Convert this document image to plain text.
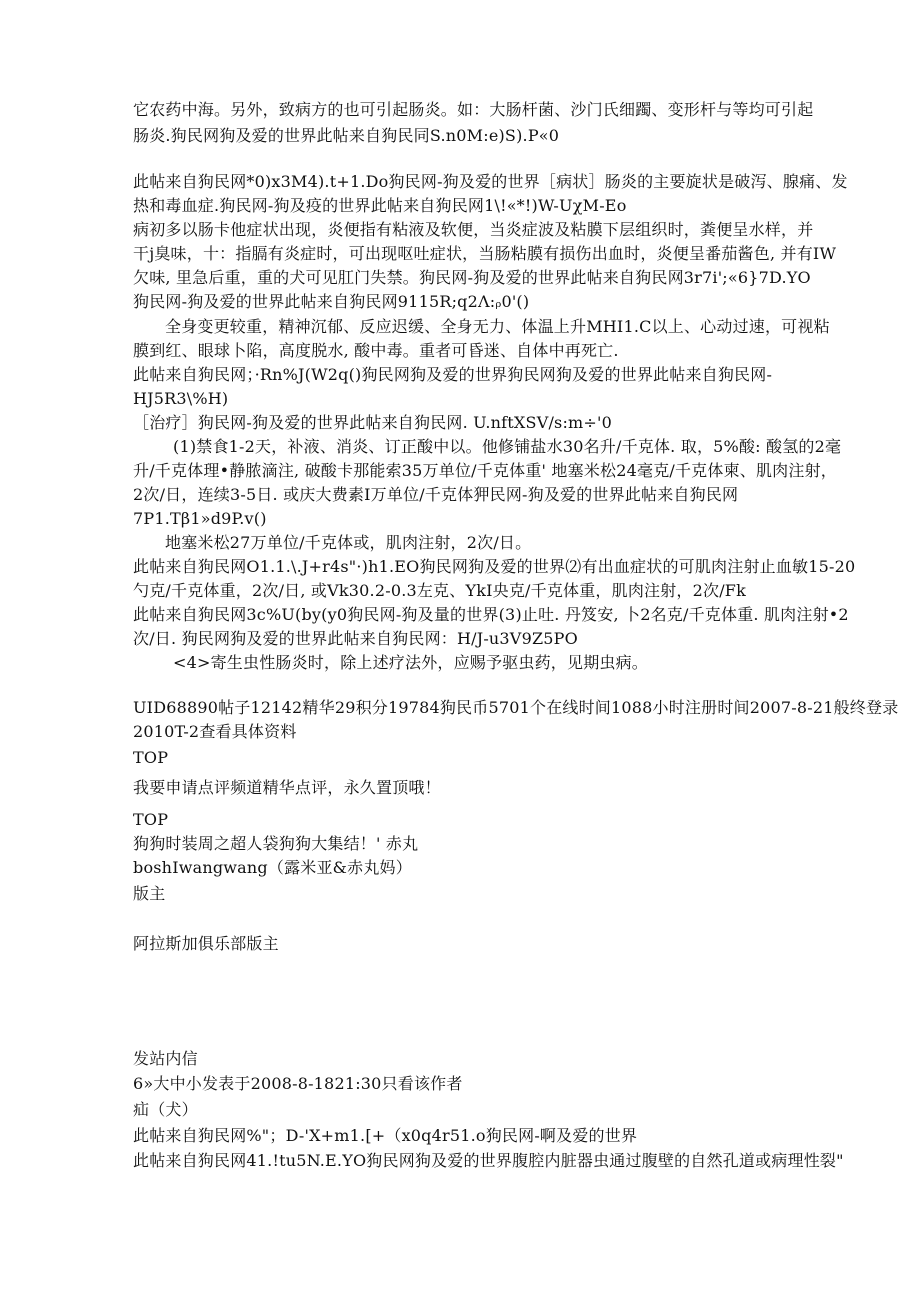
它农药中海。另外，致病方的也可引起肠炎。如：大肠杆菌、沙门氏细躅、变形杆与等均可引起
肠炎.狗民网狗及爱的世界此帖来自狗民同S.n0M:e)S).P«0
此帖来自狗民网*0)x3M4).t+1.Do狗民网-狗及爱的世界［病状］肠炎的主要旋状是破泻、腺痛、发
热和毒血症.狗民网-狗及疫的世界此帖来自狗民网1\!«*!)W-UχM-Eo
病初多以肠卡他症状出现，炎便指有粘液及软便，当炎症波及粘膜下层组织时，粪便呈水样，并
干j臭味，十：指膈有炎症时，可出现呕吐症状，当肠粘膜有损伤出血时，炎便呈番茄酱色, 并有IW
欠味, 里急后重，重的犬可见肛门失禁。狗民网-狗及爱的世界此帖来自狗民网3r7i';«6}7D.YO
狗民网-狗及爱的世界此帖来自狗民网9115R;q2Λ:ᵨ0'()
全身变更较重，精神沉郁、反应迟缓、全身无力、体温上升MHI1.C以上、心动过速，可视粘
膜到红、眼球卜陷，高度脱水, 酸中毒。重者可昏迷、自体中再死亡.
此帖来自狗民网；·Rn%J(W2q()狗民网狗及爱的世界狗民网狗及爱的世界此帖来自狗民网-
HJ5R3\%H)
［治疗］狗民网-狗及爱的世界此帖来自狗民网. U.nftXSV/s:m÷'0
(1)禁食1-2天，补液、消炎、订正酸中以。他修铺盐水30名升/千克体. 取，5%酸: 酸氢的2毫
升/千克体理•静脓滴注, 破酸卡那能索35万单位/千克体重' 地塞米松24毫克/千克体柬、肌肉注射，
2次/日，连续3-5日. 或庆大费素I万单位/千克体狎民网-狗及爱的世界此帖来自狗民网
7P1.Tβ1»d9P.v()
地塞米松27万单位/千克体或，肌肉注射，2次/日。
此帖来自狗民网O1.1.\.J+r4s"·)h1.EO狗民网狗及爱的世界⑵有出血症状的可肌肉注射止血敏15-20
勺克/千克体重，2次/日, 或Vk30.2-0.3左克、YkI央克/千克体重，肌肉注射，2次/Fk
此帖来自狗民网3c%U(by(y0狗民网-狗及量的世界(3)止吐. 丹笈安, 卜2名克/千克体重. 肌肉注射•2
次/日. 狗民网狗及爱的世界此帖来自狗民网：H/J-u3V9Z5PO
<4>寄生虫性肠炎时，除上述疗法外，应赐予驱虫药，见期虫病。
UID68890帖子12142精华29积分19784狗民币5701个在线时间1088小时注册时间2007-8-21般终登录
2010T-2查看具体资料
TOP
我要申请点评频道精华点评，永久置顶哦！
TOP
狗狗时装周之超人袋狗狗大集结！' 赤丸
boshIwangwang（露米亚&赤丸妈）
版主
阿拉斯加俱乐部版主
发站内信
6»大中小发表于2008-8-1821:30只看该作者
疝（犬）
此帖来自狗民网%"；D-'X+m1.[+（x0q4r51.o狗民网-啊及爱的世界
此帖来自狗民网41.!tu5N.E.YO狗民网狗及爱的世界腹腔内脏器虫通过腹壁的自然孔道或病理性裂"
